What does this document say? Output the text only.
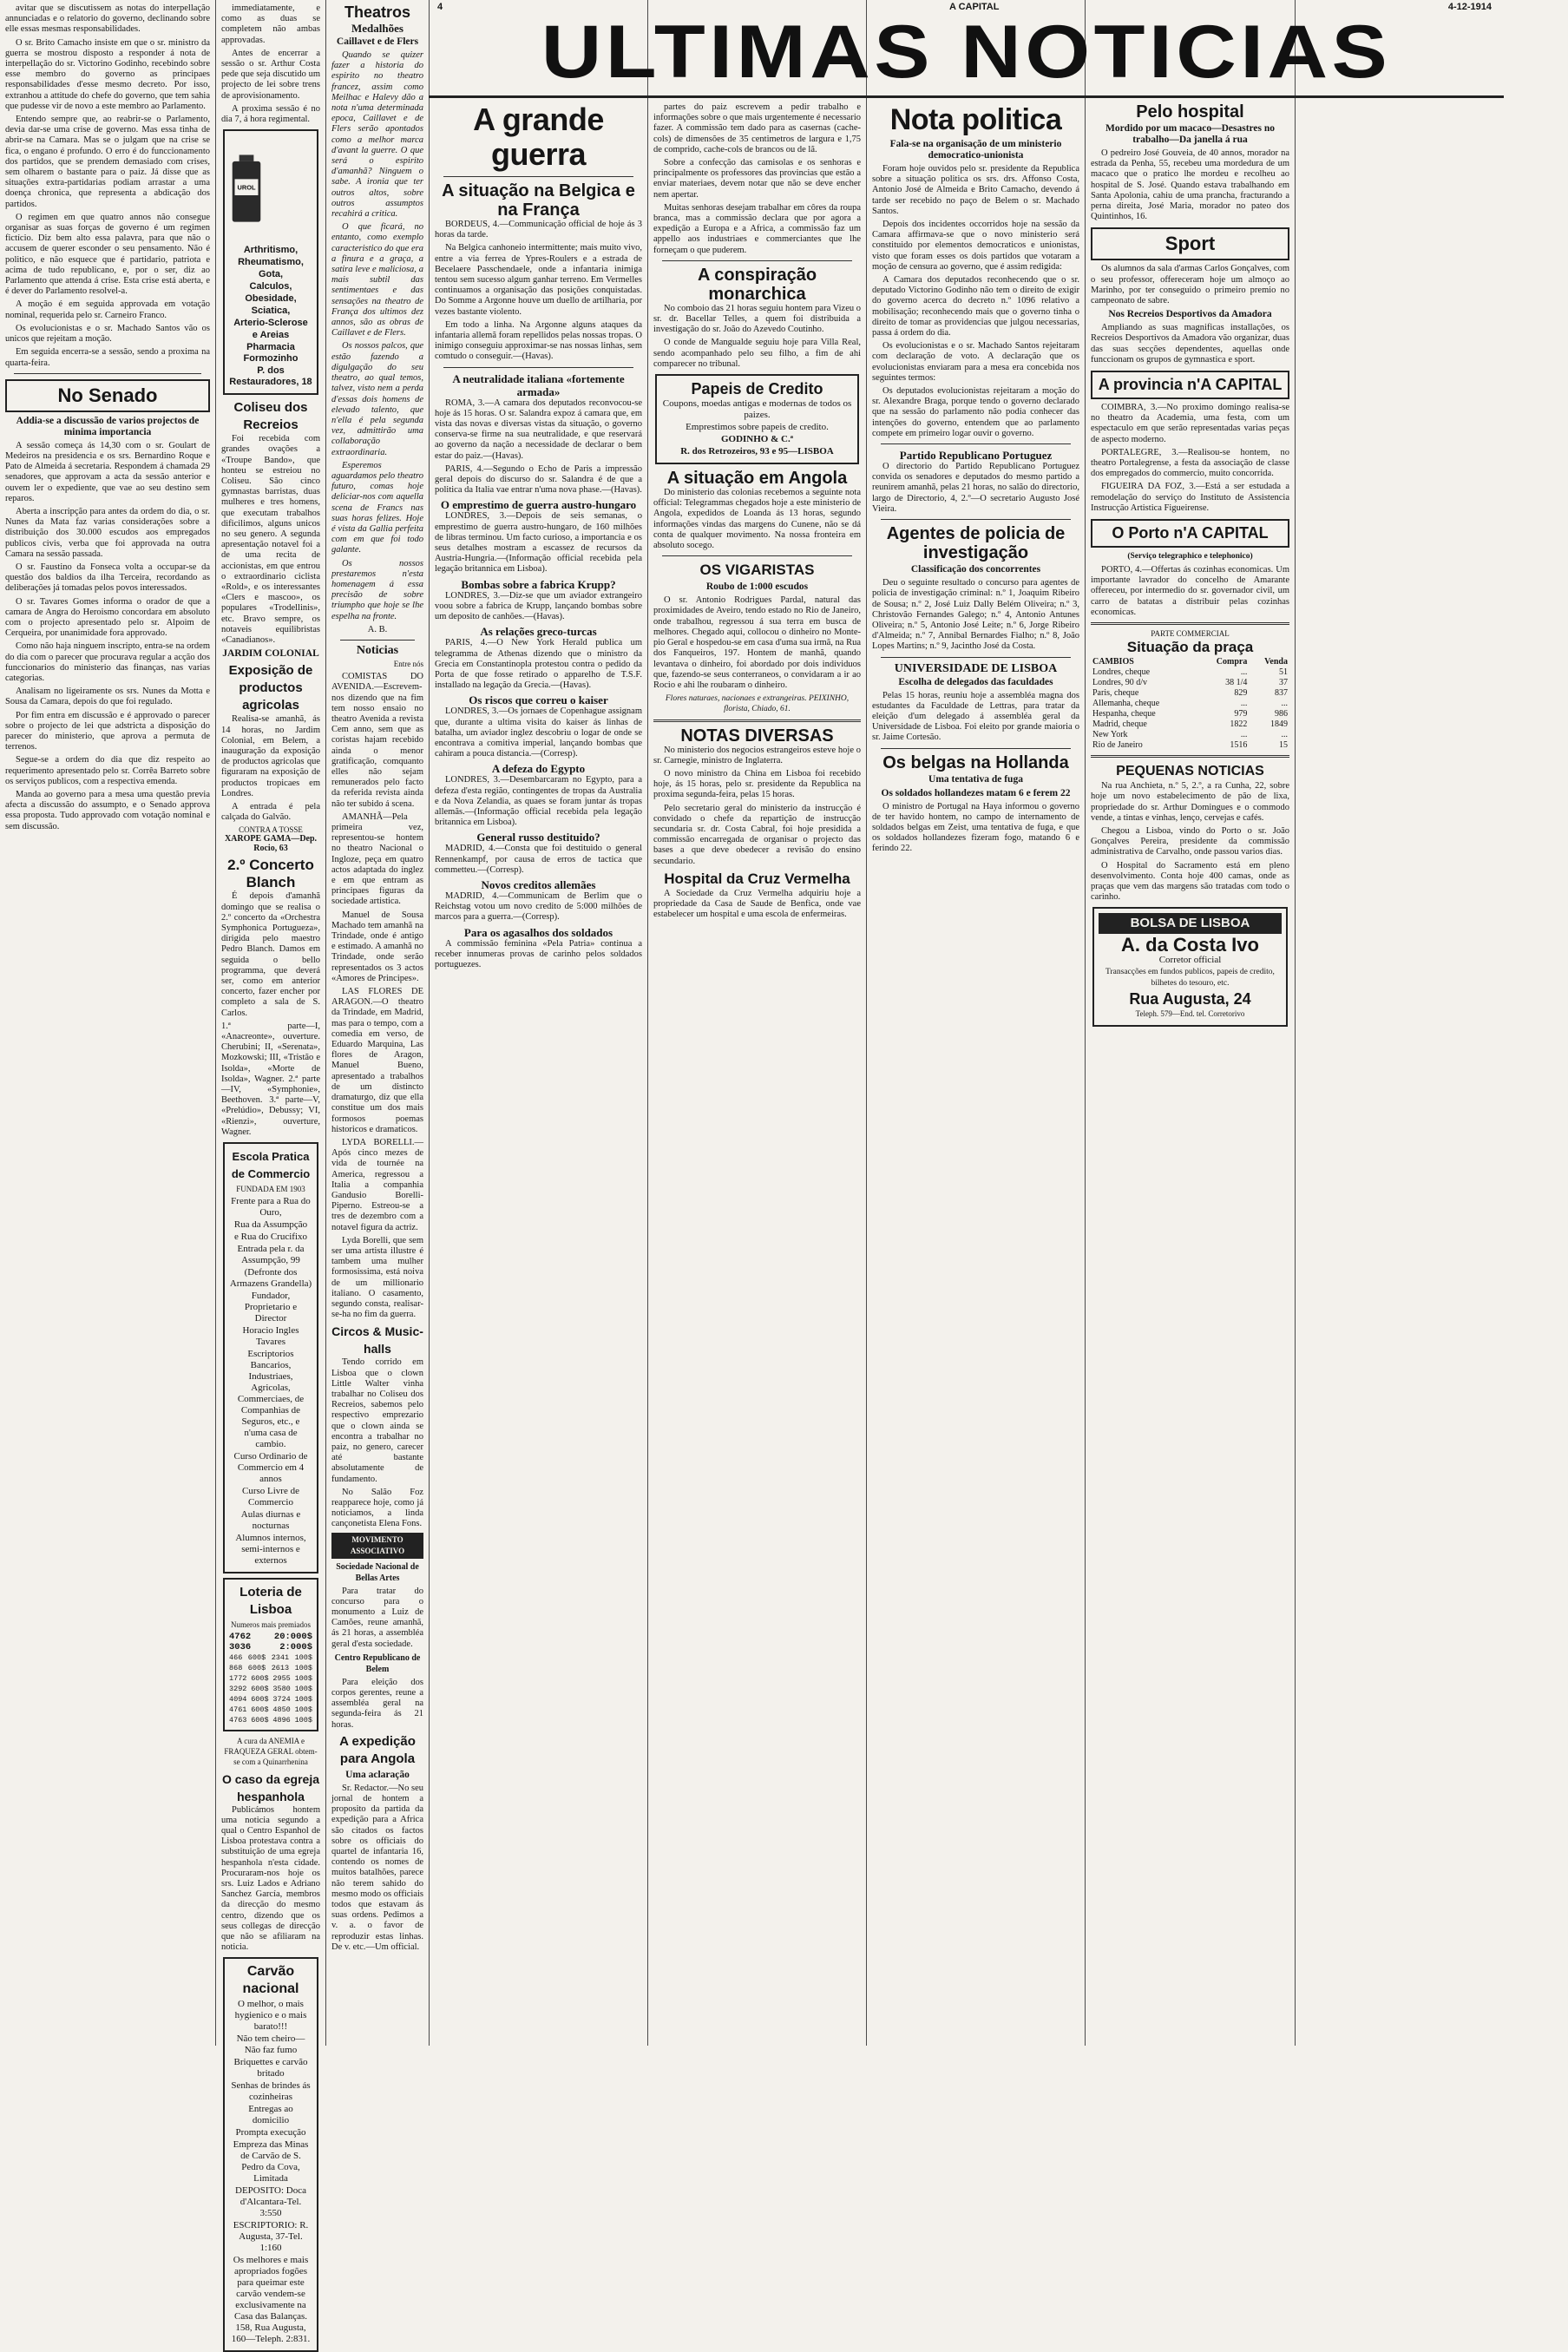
4	A CAPITAL	4-12-1914
ULTIMAS NOTICIAS

avitar que se discutissem as notas do interpellação annunciadas e o relatorio do governo, declinando sobre elle essas mesmas responsabilidades.

O sr. Brito Camacho insiste em que o sr. ministro da guerra se mostrou disposto a responder á nota de interpellação do sr. Victorino Godinho, recebindo sobre esse membro do governo as principaes responsabilidades d'esse mesmo decreto. Por isso, extranhou a attitude do chefe do governo, que tem sahia que pudesse vir de novo a este membro ao Parlamento.

Entendo sempre que, ao reabrir-se o Parlamento, devia dar-se uma crise de governo. Mas essa tinha de abrir-se na Camara. Mas se o julgam que na crise se fica, o engano é profundo. O erro é do funccionamento dos partidos, que se prendem demasiado com crises, sem olharem o bastante para o paiz. Já disse que as situações extra-partidarias podiam arrastar a uma doença chronica, que representa a abdicação dos partidos.

O regimen em que quatro annos não consegue organisar as suas forças de governo é um regimen fictício. Diz bem alto essa palavra, para que não o accusem de querer esconder o seu pensamento. Não é politico, e não esquece que é partidario, patriota e acima de tudo republicano, e, por o ser, diz ao Parlamento que attenda á crise. Esta crise está aberta, e é dever do Parlamento resolvel-a.

A moção é em seguida approvada em votação nominal, requerida pelo sr. Carneiro Franco.

Os evolucionistas e o sr. Machado Santos vão os unicos que rejeitam a moção.

Em seguida encerra-se a sessão, sendo a proxima na quarta-feira.

No Senado
Addia-se a discussão de varios projectos de minima importancia

A sessão começa ás 14,30 com o sr. Goulart de Medeiros na presidencia e os srs. Bernardino Roque e Pato de Almeida á secretaria. Respondem á chamada 29 senadores, que approvam a acta da sessão anterior e ouvem ler o expediente, que vae ao seu destino sem reparos.

Aberta a inscripção para antes da ordem do dia, o sr. Nunes da Mata faz varias considerações sobre a distribuição dos 30.000 escudos aos empregados publicos civis, verba que foi approvada na outra Camara na sessão passada.

O sr. Faustino da Fonseca volta a occupar-se da questão dos baldios da ilha Terceira, recordando as deliberações já tomadas pelos povos interessados.

O sr. Tavares Gomes informa o orador de que a camara de Angra do Heroismo concordara em absoluto com o projecto apresentado pelo sr. Alpoim de Cerqueira, por unanimidade fora approvado.

Como não haja ninguem inscripto, entra-se na ordem do dia com o parecer que procurava regular a acção dos funccionarios do ministerio das finanças, nas varias categorias.

Analisam no ligeiramente os srs. Nunes da Motta e Sousa da Camara, depois do que foi regulado.

Por fim entra em discussão e é approvado o parecer sobre o projecto de lei que adstricta a disposição do parecer do ministerio, que aprova a permuta de terrenos.

Segue-se a ordem do dia que diz respeito ao requerimento apresentado pelo sr. Corrêa Barreto sobre os serviços publicos, com a respectiva emenda.

Manda ao governo para a mesa uma questão previa afecta a discussão do assumpto, e o Senado approva essa proposta. Tudo approvado com votação nominal e sem discussão.

immediatamente, e como as duas se completem não ambas approvadas.

Antes de encerrar a sessão o sr. Arthur Costa pede que seja discutido um projecto de lei sobre trens de aprovisionamento.

A proxima sessão é no dia 7, á hora regimental.

UROL
Arthritismo,
Rheumatismo,
Gota,
Calculos,
Obesidade,
Sciatica,
Arterio-Sclerose
e Areias
Pharmacia Formozinho
P. dos Restauradores, 18
Coliseu dos Recreios

Foi recebida com grandes ovações a «Troupe Bando», que honteu se estreiou no Coliseu. São cinco gymnastas barristas, duas mulheres e tres homens, que executam trabalhos dificilimos, alguns unicos no seu genero. A segunda apresentação notavel foi a de uma recita de accionistas, em que entrou o extraordinario ciclista «Rold», e os interessantes «Clers e mascoo», os populares «Trodellinis», etc. Bravo sempre, os notaveis equilibristas «Canadianos».

JARDIM COLONIAL
Exposição de productos agricolas

Realisa-se amanhã, ás 14 horas, no Jardim Colonial, em Belem, a inauguração da exposição de productos agricolas que figuraram na exposição de productos tropicaes em Londres.

A entrada é pela calçada do Galvão.

CONTRA A TOSSE
XAROPE GAMA—Dep. Rocio, 63
2.º Concerto Blanch

É depois d'amanhã domingo que se realisa o 2.º concerto da «Orchestra Symphonica Portugueza», dirigida pelo maestro Pedro Blanch. Damos em seguida o bello programma, que deverá ser, como em anterior concerto, fazer encher por completo a sala de S. Carlos.

1.ª parte—I, «Anacreonte», ouverture. Cherubini; II, «Serenata», Mozkowski; III, «Tristão e Isolda», «Morte de Isolda», Wagner. 2.ª parte—IV, «Symphonie», Beethoven. 3.ª parte—V, «Prelúdio», Debussy; VI, «Rienzi», ouverture, Wagner.

Escola Pratica de Commercio
FUNDADA EM 1903
Frente para a Rua do Ouro,
Rua da Assumpção
e Rua do Crucifixo
Entrada pela r. da Assumpção, 99
(Defronte dos Armazens Grandella)
Fundador, Proprietario e Director
Horacio Ingles Tavares
Escriptorios Bancarios, Industriaes, Agricolas, Commerciaes, de Companhias de Seguros, etc., e n'uma casa de cambio.
Curso Ordinario de Commercio em 4 annos
Curso Livre de Commercio
Aulas diurnas e nocturnas
Alumnos internos, semi-internos e externos
Loteria de Lisboa
Numeros mais premiados
4762	20:000$
3036	2:000$
466 600$ 2341 100$
868 600$ 2613 100$
1772 600$ 2955 100$
3292 600$ 3580 100$
4094 600$ 3724 100$
4761 600$ 4850 100$
4763 600$ 4896 100$

A cura da ANEMIA e FRAQUEZA GERAL obtem-se com a Quinarrhenina

O caso da egreja hespanhola

Publicámos hontem uma noticia segundo a qual o Centro Espanhol de Lisboa protestava contra a substituição de uma egreja hespanhola n'esta cidade. Procuraram-nos hoje os srs. Luiz Lados e Adriano Sanchez García, membros da direcção do mesmo centro, dizendo que os seus collegas de direcção que não se afiliaram na noticia.

Carvão nacional
O melhor, o mais hygienico e o mais barato!!!
Não tem cheiro—Não faz fumo
Briquettes e carvão britado
Senhas de brindes ás cozinheiras
Entregas ao domicilio
Prompta execução
Empreza das Minas de Carvão de S. Pedro da Cova, Limitada
DEPOSITO: Doca d'Alcantara-Tel. 3:550
ESCRIPTORIO: R. Augusta, 37-Tel. 1:160
Os melhores e mais apropriados fogões para queimar este carvão vendem-se exclusivamente na Casa das Balanças. 158, Rua Augusta, 160—Teleph. 2:831.
Theatros
Medalhões
Caillavet e de Flers

Quando se quizer fazer a historia do espirito no theatro francez, assim como Meilhac e Halevy dão a nota n'uma determinada epoca, Caillavet e de Flers serão apontados como a melhor marca d'avant la guerre. O que será o espirito d'amanhã? Ninguem o sabe. A ironia que ter outros altos, sobre outros assumptos recahirá a critica.

O que ficará, no entanto, como exemplo caracteristico do que era a finura e a graça, a satira leve e maliciosa, a mais subtil das sentimentaes e das sensações na theatro de França dos ultimos dez annos, são as obras de Caillavet e de Flers.

Os nossos palcos, que estão fazendo a digulgação do seu theatro, ao qual temos, talvez, visto nem a perda d'essas dois homens de elevado talento, que n'ella é pela segunda vez, admittirão uma collaboração extraordinaria.

Esperemos aguardamos pelo theatro futuro, comas hoje deliciar-nos com aquella scena de Francs nas suas horas felizes. Hoje é vista da Gallia perfeita com em que foi todo galante.

Os nossos prestaremos n'esta homenagem á essa precisão de sobre triumpho que hoje se lhe espelha na fronte.

A. B.

Noticias

Entre nós

COMISTAS DO AVENIDA.—Escrevem-nos dizendo que na fim tem nosso ensaio no theatro Avenida a revista Cem anno, sem que as coristas hajam recebido ainda o menor gratificação, comquanto elles não sejam remunerados pelo facto da referida revista ainda não ter subido á scena.

AMANHÃ—Pela primeira vez, representou-se hontem no theatro Nacional o Ingloze, peça em quatro actos adaptada do inglez e em que entram as principaes figuras da sociedade artistica.

Manuel de Sousa Machado tem amanhã na Trindade, onde é antigo e estimado. A amanhã no Trindade, onde serão representados os 3 actos «Amores de Principes».

LAS FLORES DE ARAGON.—O theatro da Trindade, em Madrid, mas para o tempo, com a comedia em verso, de Eduardo Marquina, Las flores de Aragon, Manuel Bueno, apresentado a trabalhos de um distincto dramaturgo, diz que ella constitue um dos mais formosos poemas historicos e dramaticos.

LYDA BORELLI.—Após cinco mezes de vida de tournée na America, regressou a Italia a companhia Gandusio Borelli-Piperno. Estreou-se a tres de dezembro com a notavel figura da actriz.

Lyda Borelli, que sem ser uma artista illustre é tambem uma mulher formosissima, está noiva de um millionario italiano. O casamento, segundo consta, realisar-se-ha no fim da guerra.

Circos & Music-halls

Tendo corrido em Lisboa que o clown Little Walter vinha trabalhar no Coliseu dos Recreios, sabemos pelo respectivo emprezario que o clown ainda se encontra a trabalhar no paiz, no genero, carecer até bastante absolutamente de fundamento.

No Salão Foz reapparece hoje, como já noticiamos, a linda cançonetista Elena Fons.

MOVIMENTO ASSOCIATIVO
Sociedade Nacional de Bellas Artes

Para tratar do concurso para o monumento a Luiz de Camões, reune amanhã, ás 21 horas, a assembléa geral d'esta sociedade.

Centro Republicano de Belem

Para eleição dos corpos gerentes, reune a assembléa geral na segunda-feira ás 21 horas.

A expedição para Angola
Uma aclaração

Sr. Redactor.—No seu jornal de hontem a proposito da partida da expedição para a Africa são citados os factos sobre os officiais do quartel de infantaria 16, contendo os nomes de muitos batalhões, parece não terem sahido do mesmo modo os officiais todos que estavam ás suas ordens. Pedimos a v. a. o favor de reproduzir estas linhas. De v. etc.—Um official.

A grande guerra
A situação na Belgica e na França

BORDEUS, 4.—Communicação official de hoje ás 3 horas da tarde.

Na Belgica canhoneio intermittente; mais muito vivo, entre a via ferrea de Ypres-Roulers e a estrada de Becelaere Passchendaele, onde a infantaria inimiga tentou sem sucesso algum ganhar terreno. Em Vermelles continuamos a organisação das posições conquistadas. Do Somme a Argonne houve um duello de artilharia, por vezes bastante violento.

Em todo a linha. Na Argonne alguns ataques da infantaria allemã foram repellidos pelas nossas tropas. O inimigo conseguiu approximar-se nas nossas linhas, sem comtudo o conseguir.—(Havas).

A neutralidade italiana «fortemente armada»

ROMA, 3.—A camara dos deputados reconvocou-se hoje ás 15 horas. O sr. Salandra expoz á camara que, em vista das novas e diversas vistas da situação, o governo conserva-se firme na sua neutralidade, e que reservará ao governo da nação a necessidade de declarar o bem estar do paiz.—(Havas).

PARIS, 4.—Segundo o Echo de Paris a impressão geral depois do discurso do sr. Salandra é de que a politica da Italia vae entrar n'uma nova phase.—(Havas).

O emprestimo de guerra austro-hungaro

LONDRES, 3.—Depois de seis semanas, o emprestimo de guerra austro-hungaro, de 160 milhões de libras terminou. Um facto curioso, a importancia e os seus detalhes mostram a escassez de recursos da Austria-Hungria.—(Informação official recebida pela legação britannica em Lisboa).

Bombas sobre a fabrica Krupp?

LONDRES, 3.—Diz-se que um aviador extrangeiro voou sobre a fabrica de Krupp, lançando bombas sobre um deposito de canhões.—(Havas).

As relações greco-turcas

PARIS, 4.—O New York Herald publica um telegramma de Athenas dizendo que o ministro da Grecia em Constantinopla protestou contra o pedido da Porta de que fosse retirado o apparelho de T.S.F. installado na legação da Grecia.—(Havas).

Os riscos que correu o kaiser

LONDRES, 3.—Os jornaes de Copenhague assignam que, durante a ultima visita do kaiser ás linhas de batalha, um aviador inglez descobriu o logar de onde se encontrava a comitiva imperial, lançando bombas que cahiram a pouca distancia.—(Corresp).

A defeza do Egypto

LONDRES, 3.—Desembarcaram no Egypto, para a defeza d'esta região, contingentes de tropas da Australia e da Nova Zelandia, as quaes se foram juntar ás tropas allemãs.—(Informação official recebida pela legação britannica em Lisboa).

General russo destituido?

MADRID, 4.—Consta que foi destituido o general Rennenkampf, por causa de erros de tactica que commetteu.—(Corresp).

Novos creditos allemães

MADRID, 4.—Communicam de Berlim que o Reichstag votou um novo credito de 5:000 milhões de marcos para a guerra.—(Corresp).

Para os agasalhos dos soldados

A commissão feminina «Pela Patria» continua a receber innumeras provas de carinho pelos soldados portuguezes.

partes do paiz escrevem a pedir trabalho e informações sobre o que mais urgentemente é necessario fazer. A commissão tem dado para as casernas (cache-cols) de dimensões de 35 centimetros de largura e 1,75 de comprido, cache-cols de brancos ou de lã.

Sobre a confecção das camisolas e os senhoras e principalmente os professores das provincias que estão a enviar materiaes, devem notar que não se deve encher nem apertar.

Muitas senhoras desejam trabalhar em côres da roupa branca, mas a commissão declara que por agora a expedição a Europa e a Africa, a commissão faz um appello aos industriaes e commerciantes que lhe forneçam o que puderem.

A conspiração monarchica

No comboio das 21 horas seguiu hontem para Vizeu o sr. dr. Bacellar Telles, a quem foi distribuida a investigação do sr. João do Azevedo Coutinho.

O conde de Mangualde seguiu hoje para Villa Real, sendo acompanhado pelo seu filho, a fim de ahi comparecer no tribunal.

Papeis de Credito
Coupons, moedas antigas e modernas de todos os paizes.
Emprestimos sobre papeis de credito.
GODINHO & C.ª
R. dos Retrozeiros, 93 e 95—LISBOA
A situação em Angola

Do ministerio das colonias recebemos a seguinte nota official: Telegrammas chegados hoje a este ministerio de Angola, expedidos de Loanda ás 13 horas, segundo informações vindas das margens do Cunene, não se dá conta de qualquer movimento. Na nossa fronteira em absoluto socego.

OS VIGARISTAS
Roubo de 1:000 escudos

O sr. Antonio Rodrigues Pardal, natural das proximidades de Aveiro, tendo estado no Rio de Janeiro, onde trabalhou, regressou á sua terra em busca de melhores. Chegado aqui, collocou o dinheiro no Monte-pio Geral e hospedou-se em casa d'uma sua irmã, na Rua dos Fanqueiros, 197. Hontem de manhã, quando levantava o dinheiro, foi abordado por dois individuos que, fazendo-se seus conterraneos, o convidaram a ir ao Rocio e ahi lhe roubaram o dinheiro.

Flores naturaes, nacionaes e extrangeiras. PEIXINHO, florista, Chiado, 61.

NOTAS DIVERSAS

No ministerio dos negocios estrangeiros esteve hoje o sr. Carnegie, ministro de Inglaterra.

O novo ministro da China em Lisboa foi recebido hoje, ás 15 horas, pelo sr. presidente da Republica na proxima segunda-feira, pelas 15 horas.

Pelo secretario geral do ministerio da instrucção é convidado o chefe da repartição de instrucção secundaria sr. dr. Costa Cabral, foi hoje presidida a commissão encarregada de organisar o projecto das bases a que deve obedecer a revisão do ensino secundario.

Hospital da Cruz Vermelha

A Sociedade da Cruz Vermelha adquiriu hoje a propriedade da Casa de Saude de Benfica, onde vae estabelecer um hospital e uma escola de enfermeiras.

Nota politica
Fala-se na organisação de um ministerio democratico-unionista

Foram hoje ouvidos pelo sr. presidente da Republica sobre a situação politica os srs. drs. Affonso Costa, Antonio José de Almeida e Brito Camacho, devendo á tarde ser recebido no paço de Belem o sr. Machado Santos.

Depois dos incidentes occorridos hoje na sessão da Camara affirmava-se que o novo ministerio será constituido por elementos democraticos e unionistas, visto que foram esses os dois partidos que votaram a moção de censura ao governo, que é assim redigida:

A Camara dos deputados reconhecendo que o sr. deputado Victorino Godinho não tem o direito de exigir do governo acerca do decreto n.º 1096 relativo a mobilisação; reconhecendo mais que o governo tinha o direito de tomar as providencias que julgou necessarias, passa á ordem do dia.

Os evolucionistas e o sr. Machado Santos rejeitaram com declaração de voto. A declaração que os evolucionistas enviaram para a mesa era concebida nos seguintes termos:

Os deputados evolucionistas rejeitaram a moção do sr. Alexandre Braga, porque tendo o governo declarado que na sessão do parlamento não podia conhecer das intenções do governo, entendem que ao parlamento compete em primeiro logar ouvir o governo.

Partido Republicano Portuguez

O directorio do Partido Republicano Portuguez convida os senadores e deputados do mesmo partido a reunirem amanhã, pelas 21 horas, no salão do directorio, largo de Directorio, 4, 2.º—O secretario Augusto José Vieira.

Agentes de policia de investigação
Classificação dos concorrentes

Deu o seguinte resultado o concurso para agentes de policia de investigação criminal: n.º 1, Joaquim Ribeiro de Sousa; n.º 2, José Luiz Dally Belém Oliveira; n.º 3, Christovão Fernandes Galego; n.º 4, Antonio Antunes Oliveira; n.º 5, Antonio José Leite; n.º 6, Jorge Ribeiro d'Almeida; n.º 7, Annibal Bernardes Fialho; n.º 8, João Lopes Martins; n.º 9, Jacintho José da Costa.

UNIVERSIDADE DE LISBOA
Escolha de delegados das faculdades

Pelas 15 horas, reuniu hoje a assembléa magna dos estudantes da Faculdade de Lettras, para tratar da eleição d'um delegado á assembléa geral da Universidade de Lisboa. Foi eleito por grande maioria o sr. Jaime Cortesão.

Os belgas na Hollanda
Uma tentativa de fuga
Os soldados hollandezes matam 6 e ferem 22

O ministro de Portugal na Haya informou o governo de ter havido hontem, no campo de internamento de soldados belgas em Zeist, uma tentativa de fuga, e que os soldados hollandezes fizeram fogo, matando 6 e ferindo 22.

Pelo hospital
Mordido por um macaco—Desastres no trabalho—Da janella á rua

O pedreiro José Gouveia, de 40 annos, morador na estrada da Penha, 55, recebeu uma mordedura de um macaco que o pratico lhe mordeu e recolheu ao hospital de S. José. Quando estava trabalhando em Santa Apolonia, cahiu de uma prancha, fracturando a perna direita, José Maria, morador no pateo dos Quintinhos, 16.

Sport

Os alumnos da sala d'armas Carlos Gonçalves, com o seu professor, offereceram hoje um almoço ao Marinho, por ter conseguido o primeiro premio no campeonato de sabre.

Nos Recreios Desportivos da Amadora

Ampliando as suas magnificas installações, os Recreios Desportivos da Amadora vão organizar, duas das suas secções dependentes, aquellas onde funccionam os grupos de gymnastica e sport.

A provincia n'A CAPITAL

COIMBRA, 3.—No proximo domingo realisa-se no theatro da Academia, uma festa, com um espectaculo em que serão representadas varias peças de aspecto moderno.

PORTALEGRE, 3.—Realisou-se hontem, no theatro Portalegrense, a festa da associação de classe dos empregados do commercio, muito concorrida.

FIGUEIRA DA FOZ, 3.—Está a ser estudada a remodelação do serviço do Instituto de Assistencia Instrucção Artistica Figueirense.

O Porto n'A CAPITAL
(Serviço telegraphico e telephonico)

PORTO, 4.—Offertas ás cozinhas economicas. Um importante lavrador do concelho de Amarante offereceu, por intermedio do sr. governador civil, um carro de batatas a distribuir pelas cozinhas economicas.

PARTE COMMERCIAL
Situação da praça
CAMBIOS	Compra	Venda
Londres, cheque	...	51
Londres, 90 d/v	38 1/4	37
Paris, cheque	829	837
Allemanha, cheque	...	...
Hespanha, cheque	979	986
Madrid, cheque	1822	1849
New York	...	...
Rio de Janeiro	1516	15
PEQUENAS NOTICIAS

Na rua Anchieta, n.º 5, 2.º, a ra Cunha, 22, sobre hoje um novo estabelecimento de pão de lixa, propriedade do sr. Arthur Domingues e o commodo vende, a tintas e vinhas, lenço, cervejas e cafés.

Chegou a Lisboa, vindo do Porto o sr. João Gonçalves Pereira, presidente da commissão administrativa de Carvalho, onde passou varios dias.

O Hospital do Sacramento está em pleno desenvolvimento. Conta hoje 400 camas, onde as praças que vem das margens são tratadas com todo o carinho.

BOLSA DE LISBOA
A. da Costa Ivo
Corretor official
Transacções em fundos publicos, papeis de credito, bilhetes do tesouro, etc.
Rua Augusta, 24
Teleph. 579—End. tel. Corretorivo
